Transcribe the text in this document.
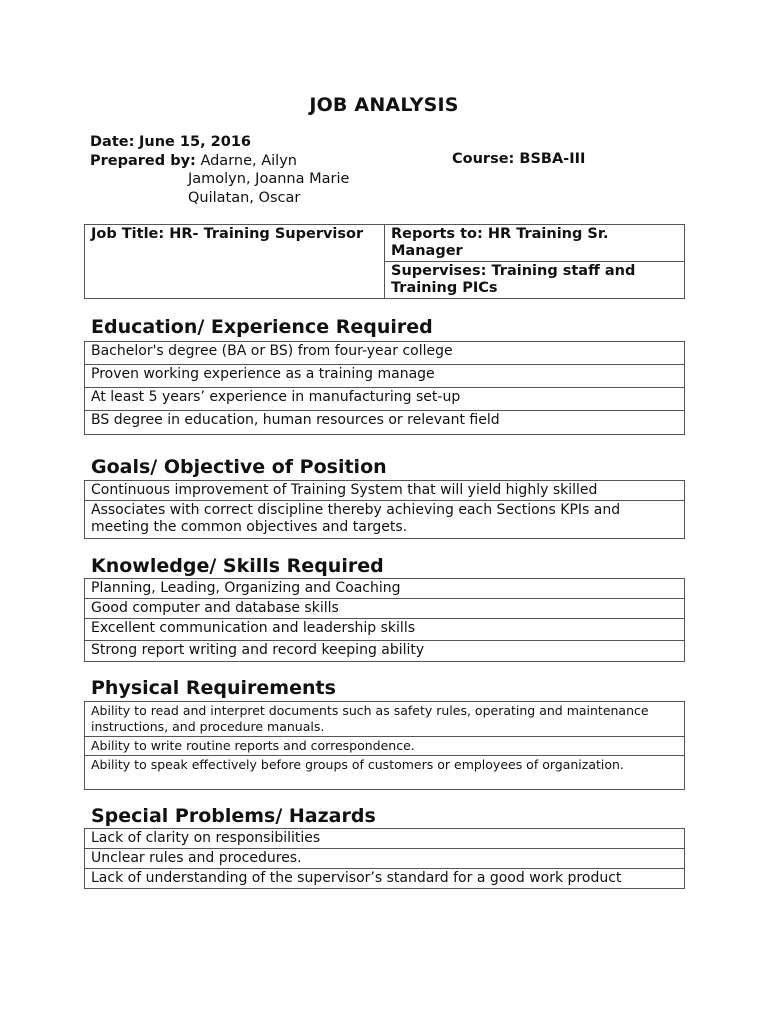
JOB ANALYSIS
Date: June 15, 2016
Prepared by: Adarne, Ailyn
Jamolyn, Joanna Marie
Quilatan, Oscar
Course: BSBA-III
Job Title: HR- Training Supervisor	Reports to: HR Training Sr. Manager
Supervises: Training staff and Training PICs
Education/ Experience Required
Bachelor's degree (BA or BS) from four-year college
Proven working experience as a training manage
At least 5 years’ experience in manufacturing set-up
BS degree in education, human resources or relevant field
Goals/ Objective of Position
Continuous improvement of Training System that will yield highly skilled
Associates with correct discipline thereby achieving each Sections KPIs and meeting the common objectives and targets.
Knowledge/ Skills Required
Planning, Leading, Organizing and Coaching
Good computer and database skills
Excellent communication and leadership skills
Strong report writing and record keeping ability
Physical Requirements
Ability to read and interpret documents such as safety rules, operating and maintenance instructions, and procedure manuals.
Ability to write routine reports and correspondence.
Ability to speak effectively before groups of customers or employees of organization.
Special Problems/ Hazards
Lack of clarity on responsibilities
Unclear rules and procedures.
Lack of understanding of the supervisor’s standard for a good work product
